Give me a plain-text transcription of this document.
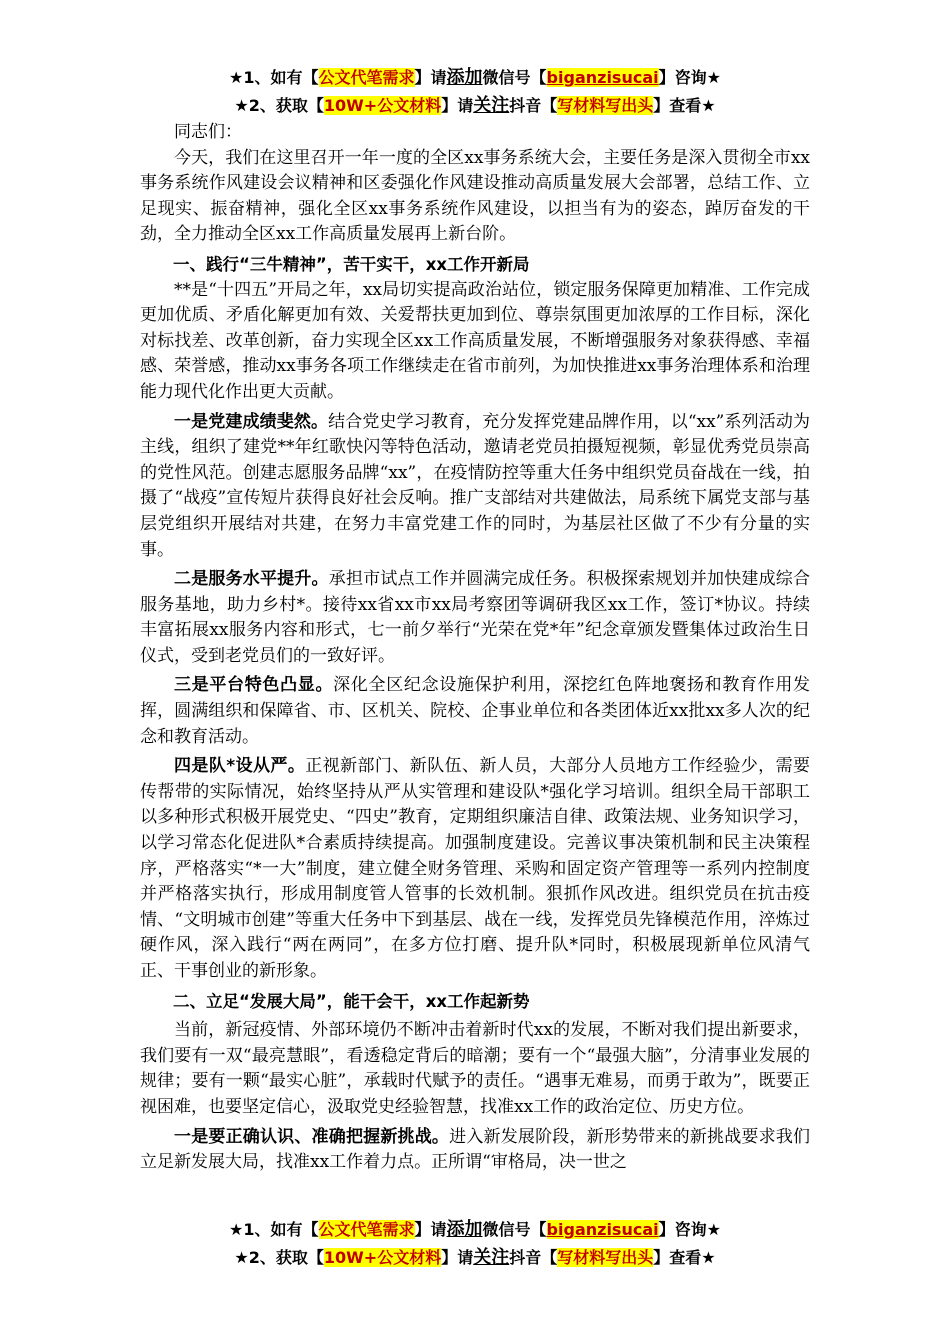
★1、如有【公文代笔需求】请添加微信号【biganzisucai】咨询★
★2、获取【10W+公文材料】请关注抖音【写材料写出头】查看★

同志们：

今天，我们在这里召开一年一度的全区xx事务系统大会，主要任务是深入贯彻全市xx事务系统作风建设会议精神和区委强化作风建设推动高质量发展大会部署，总结工作、立足现实、振奋精神，强化全区xx事务系统作风建设，以担当有为的姿态，踔厉奋发的干劲，全力推动全区xx工作高质量发展再上新台阶。

一、践行“三牛精神”，苦干实干，xx工作开新局

**是“十四五”开局之年，xx局切实提高政治站位，锁定服务保障更加精准、工作完成更加优质、矛盾化解更加有效、关爱帮扶更加到位、尊崇氛围更加浓厚的工作目标，深化对标找差、改革创新，奋力实现全区xx工作高质量发展，不断增强服务对象获得感、幸福感、荣誉感，推动xx事务各项工作继续走在省市前列，为加快推进xx事务治理体系和治理能力现代化作出更大贡献。

一是党建成绩斐然。结合党史学习教育，充分发挥党建品牌作用，以“xx”系列活动为主线，组织了建党**年红歌快闪等特色活动，邀请老党员拍摄短视频，彰显优秀党员崇高的党性风范。创建志愿服务品牌“xx”，在疫情防控等重大任务中组织党员奋战在一线，拍摄了“战疫”宣传短片获得良好社会反响。推广支部结对共建做法，局系统下属党支部与基层党组织开展结对共建，在努力丰富党建工作的同时，为基层社区做了不少有分量的实事。

二是服务水平提升。承担市试点工作并圆满完成任务。积极探索规划并加快建成综合服务基地，助力乡村*。接待xx省xx市xx局考察团等调研我区xx工作，签订*协议。持续丰富拓展xx服务内容和形式，七一前夕举行“光荣在党*年”纪念章颁发暨集体过政治生日仪式，受到老党员们的一致好评。

三是平台特色凸显。深化全区纪念设施保护利用，深挖红色阵地褒扬和教育作用发挥，圆满组织和保障省、市、区机关、院校、企事业单位和各类团体近xx批xx多人次的纪念和教育活动。

四是队*设从严。正视新部门、新队伍、新人员，大部分人员地方工作经验少，需要传帮带的实际情况，始终坚持从严从实管理和建设队*强化学习培训。组织全局干部职工以多种形式积极开展党史、“四史”教育，定期组织廉洁自律、政策法规、业务知识学习，以学习常态化促进队*合素质持续提高。加强制度建设。完善议事决策机制和民主决策程序，严格落实“*一大”制度，建立健全财务管理、采购和固定资产管理等一系列内控制度并严格落实执行，形成用制度管人管事的长效机制。狠抓作风改进。组织党员在抗击疫情、“文明城市创建”等重大任务中下到基层、战在一线，发挥党员先锋模范作用，淬炼过硬作风，深入践行“两在两同”，在多方位打磨、提升队*同时，积极展现新单位风清气正、干事创业的新形象。

二、立足“发展大局”，能干会干，xx工作起新势

当前，新冠疫情、外部环境仍不断冲击着新时代xx的发展，不断对我们提出新要求，我们要有一双“最亮慧眼”，看透稳定背后的暗潮；要有一个“最强大脑”，分清事业发展的规律；要有一颗“最实心脏”，承载时代赋予的责任。“遇事无难易，而勇于敢为”，既要正视困难，也要坚定信心，汲取党史经验智慧，找准xx工作的政治定位、历史方位。

一是要正确认识、准确把握新挑战。进入新发展阶段，新形势带来的新挑战要求我们立足新发展大局，找准xx工作着力点。正所谓“审格局，决一世之

★1、如有【公文代笔需求】请添加微信号【biganzisucai】咨询★
★2、获取【10W+公文材料】请关注抖音【写材料写出头】查看★
